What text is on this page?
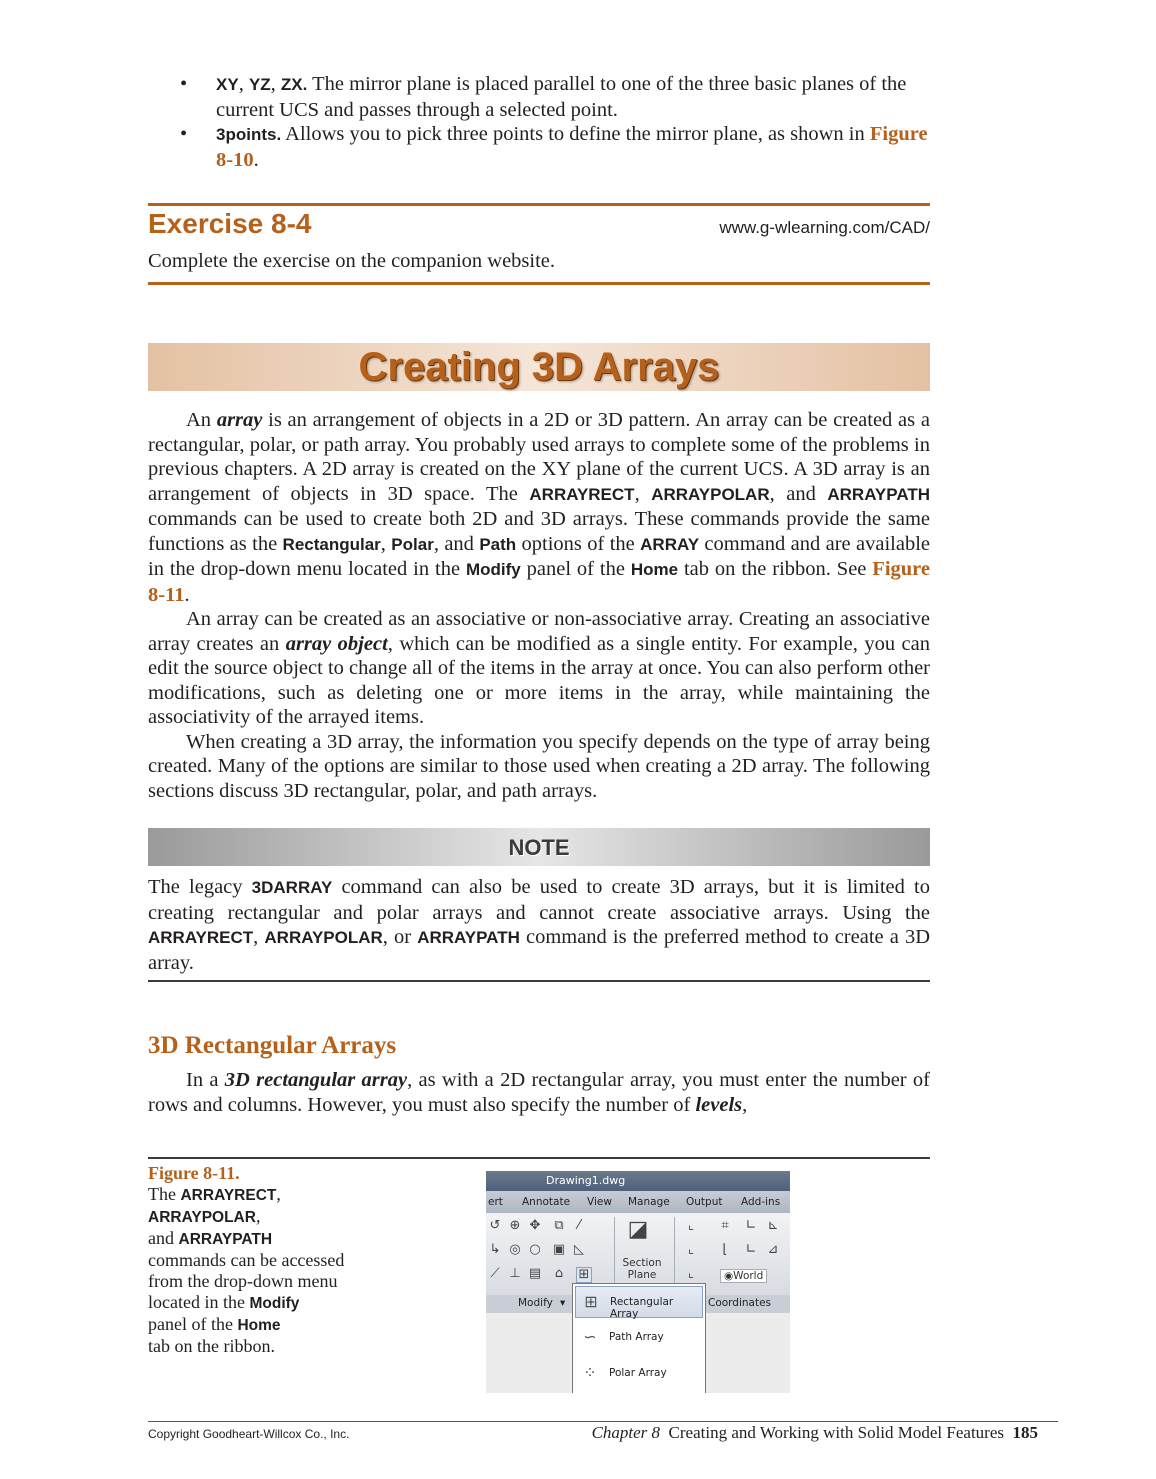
• XY, YZ, ZX. The mirror plane is placed parallel to one of the three basic planes of the current UCS and passes through a selected point.
• 3points. Allows you to pick three points to define the mirror plane, as shown in Figure 8-10.
Exercise 8-4	www.g-wlearning.com/CAD/
Complete the exercise on the companion website.
Creating 3D Arrays

An array is an arrangement of objects in a 2D or 3D pattern. An array can be created as a rectangular, polar, or path array. You probably used arrays to complete some of the problems in previous chapters. A 2D array is created on the XY plane of the current UCS. A 3D array is an arrangement of objects in 3D space. The ARRAYRECT, ARRAYPOLAR, and ARRAYPATH commands can be used to create both 2D and 3D arrays. These commands provide the same functions as the Rectangular, Polar, and Path options of the ARRAY command and are available in the drop-down menu located in the Modify panel of the Home tab on the ribbon. See Figure 8-11.

An array can be created as an associative or non-associative array. Creating an associative array creates an array object, which can be modified as a single entity. For example, you can edit the source object to change all of the items in the array at once. You can also perform other modifications, such as deleting one or more items in the array, while maintaining the associativity of the arrayed items.

When creating a 3D array, the information you specify depends on the type of array being created. Many of the options are similar to those used when creating a 2D array. The following sections discuss 3D rectangular, polar, and path arrays.

NOTE

The legacy 3DARRAY command can also be used to create 3D arrays, but it is limited to creating rectangular and polar arrays and cannot create associative arrays. Using the ARRAYRECT, ARRAYPOLAR, or ARRAYPATH command is the preferred method to create a 3D array.

3D Rectangular Arrays

In a 3D rectangular array, as with a 2D rectangular array, you must enter the number of rows and columns. However, you must also specify the number of levels,

Figure 8-11.
The ARRAYRECT,
ARRAYPOLAR,
and ARRAYPATH
commands can be accessed from the drop-down menu located in the Modify
panel of the Home
tab on the ribbon.
Drawing1.dwg
ert Annotate View Manage Output Add-ins
↺ ⊕ ✥ ⧉	⁄
↳ ◎ ○ ▣ ◺
⟋ ⊥ ▤ ⌂ ⊞
◪
Section
Plane
⌞	⌗ ∟ ⊾
⌞	⌊	∟ ⊿
⌞	◉World
Modify ▾	Coordinates
⊞	Rectangular Array
∽	Path Array
⁘	Polar Array
Copyright Goodheart-Willcox Co., Inc.	Chapter 8 Creating and Working with Solid Model Features 185
